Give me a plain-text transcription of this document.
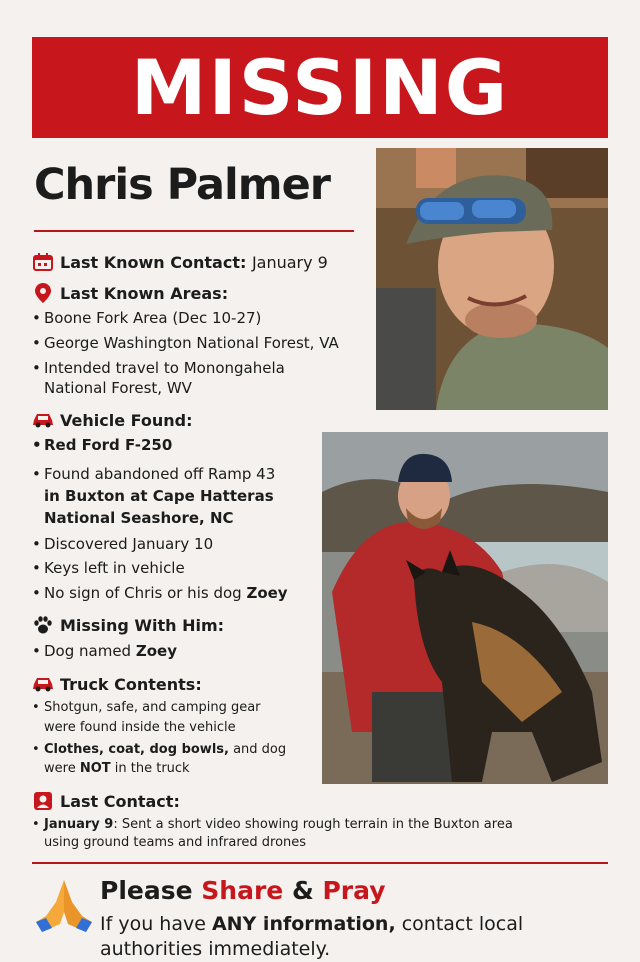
MISSING
Chris Palmer
Last Known Contact:
January 9
Last Known Areas:
• Boone Fork Area (Dec 10-27)
• George Washington National Forest, VA
• Intended travel to Monongahela
National Forest, WV
Vehicle Found:
• Red Ford F-250
• Found abandoned off Ramp 43
in Buxton at Cape Hatteras
National Seashore, NC
• Discovered January 10
• Keys left in vehicle
• No sign of Chris or his dog Zoey
Missing With Him:
• Dog named Zoey
Truck Contents:
• Shotgun, safe, and camping gear
were found inside the vehicle
• Clothes, coat, dog bowls, and dog
were NOT in the truck
Last Contact:
• January 9: Sent a short video showing rough terrain in the Buxton area
using ground teams and infrared drones
Please Share & Pray
If you have ANY information, contact local authorities immediately.
